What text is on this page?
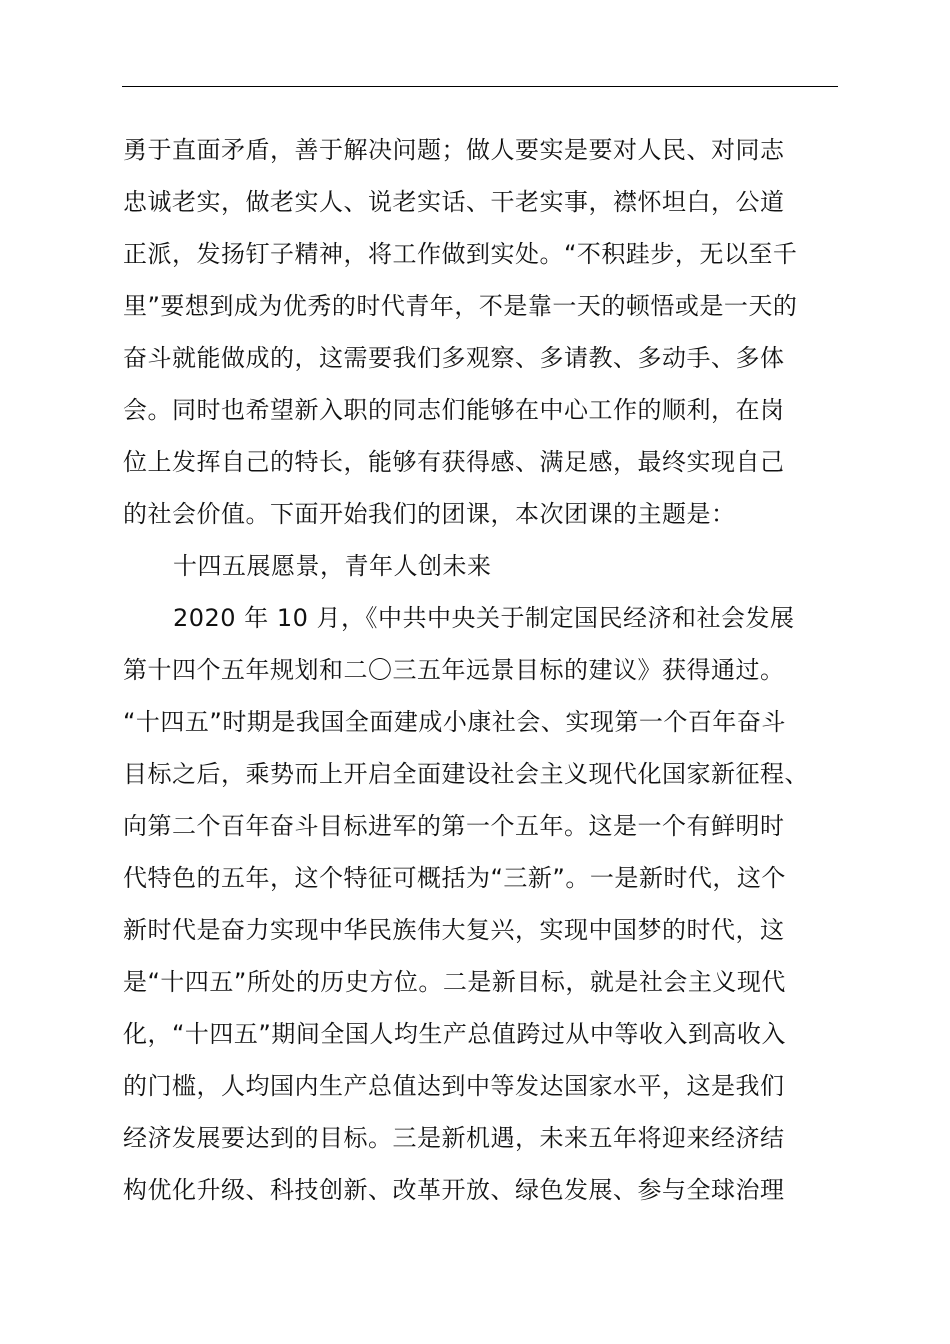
勇于直面矛盾，善于解决问题；做人要实是要对人民、对同志
忠诚老实，做老实人、说老实话、干老实事，襟怀坦白，公道
正派，发扬钉子精神，将工作做到实处。“不积跬步，无以至千
里”要想到成为优秀的时代青年，不是靠一天的顿悟或是一天的
奋斗就能做成的，这需要我们多观察、多请教、多动手、多体
会。同时也希望新入职的同志们能够在中心工作的顺利，在岗
位上发挥自己的特长，能够有获得感、满足感，最终实现自己
的社会价值。下面开始我们的团课，本次团课的主题是：
十四五展愿景，青年人创未来
2020 年 10 月，《中共中央关于制定国民经济和社会发展
第十四个五年规划和二〇三五年远景目标的建议》获得通过。
“十四五”时期是我国全面建成小康社会、实现第一个百年奋斗
目标之后，乘势而上开启全面建设社会主义现代化国家新征程、
向第二个百年奋斗目标进军的第一个五年。这是一个有鲜明时
代特色的五年，这个特征可概括为“三新”。一是新时代，这个
新时代是奋力实现中华民族伟大复兴，实现中国梦的时代，这
是“十四五”所处的历史方位。二是新目标，就是社会主义现代
化，“十四五”期间全国人均生产总值跨过从中等收入到高收入
的门槛，人均国内生产总值达到中等发达国家水平，这是我们
经济发展要达到的目标。三是新机遇，未来五年将迎来经济结
构优化升级、科技创新、改革开放、绿色发展、参与全球治理
